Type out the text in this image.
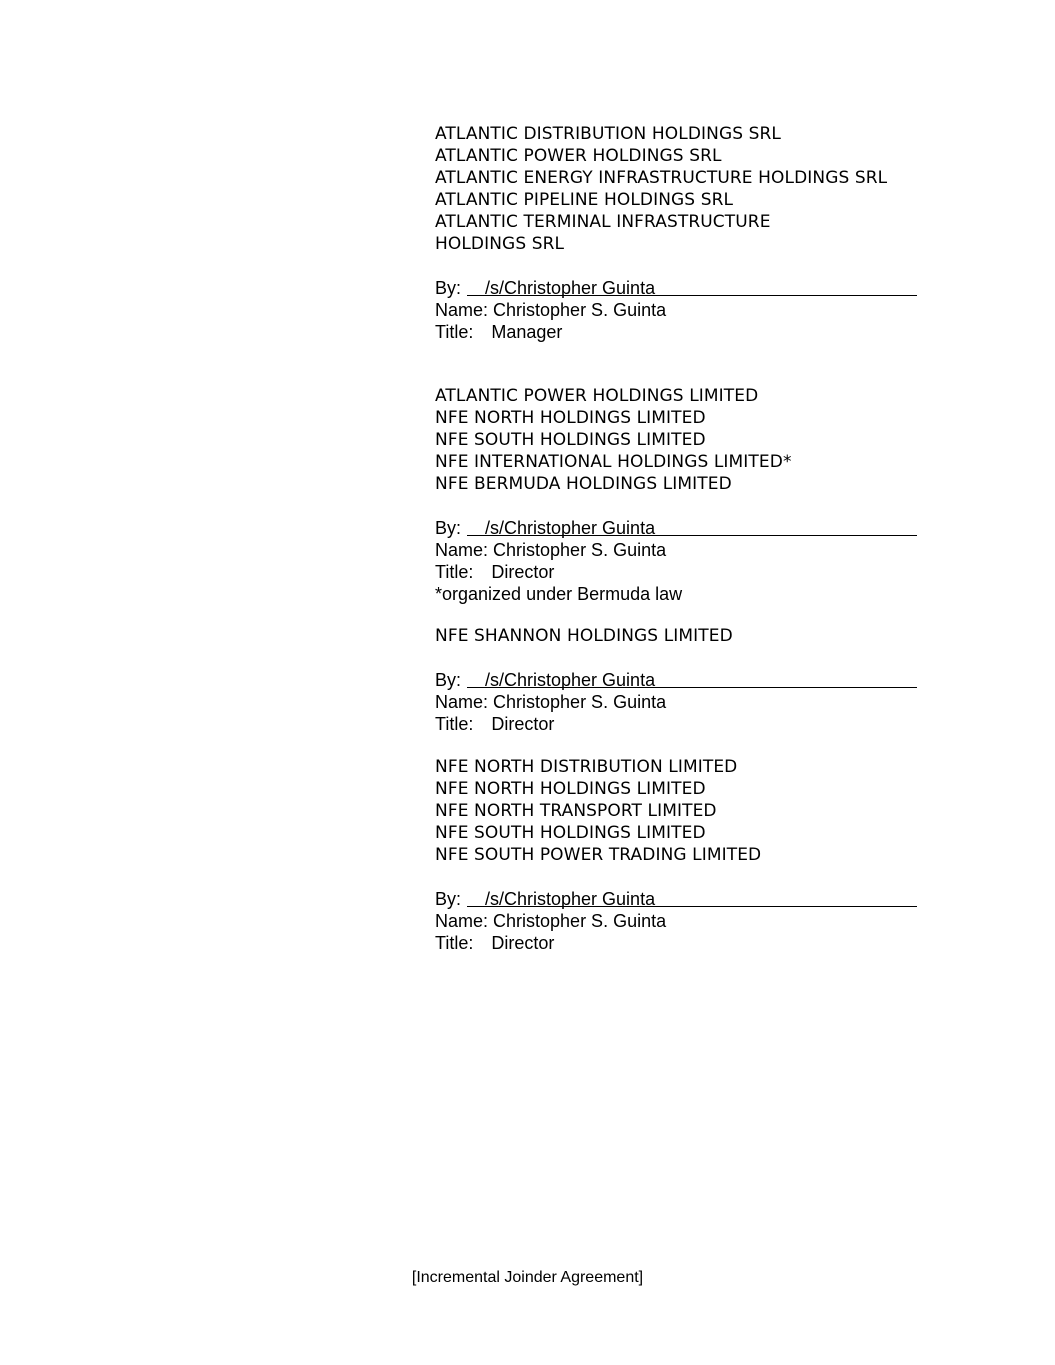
ATLANTIC DISTRIBUTION HOLDINGS SRL
ATLANTIC POWER HOLDINGS SRL
ATLANTIC ENERGY INFRASTRUCTURE HOLDINGS SRL
ATLANTIC PIPELINE HOLDINGS SRL
ATLANTIC TERMINAL INFRASTRUCTURE HOLDINGS SRL
By: /s/Christopher Guinta
Name: Christopher S. Guinta
Title: Manager
ATLANTIC POWER HOLDINGS LIMITED
NFE NORTH HOLDINGS LIMITED
NFE SOUTH HOLDINGS LIMITED
NFE INTERNATIONAL HOLDINGS LIMITED*
NFE BERMUDA HOLDINGS LIMITED
By: /s/Christopher Guinta
Name: Christopher S. Guinta
Title: Director
*organized under Bermuda law
NFE SHANNON HOLDINGS LIMITED
By: /s/Christopher Guinta
Name: Christopher S. Guinta
Title: Director
NFE NORTH DISTRIBUTION LIMITED
NFE NORTH HOLDINGS LIMITED
NFE NORTH TRANSPORT LIMITED
NFE SOUTH HOLDINGS LIMITED
NFE SOUTH POWER TRADING LIMITED
By: /s/Christopher Guinta
Name: Christopher S. Guinta
Title: Director
[Incremental Joinder Agreement]
